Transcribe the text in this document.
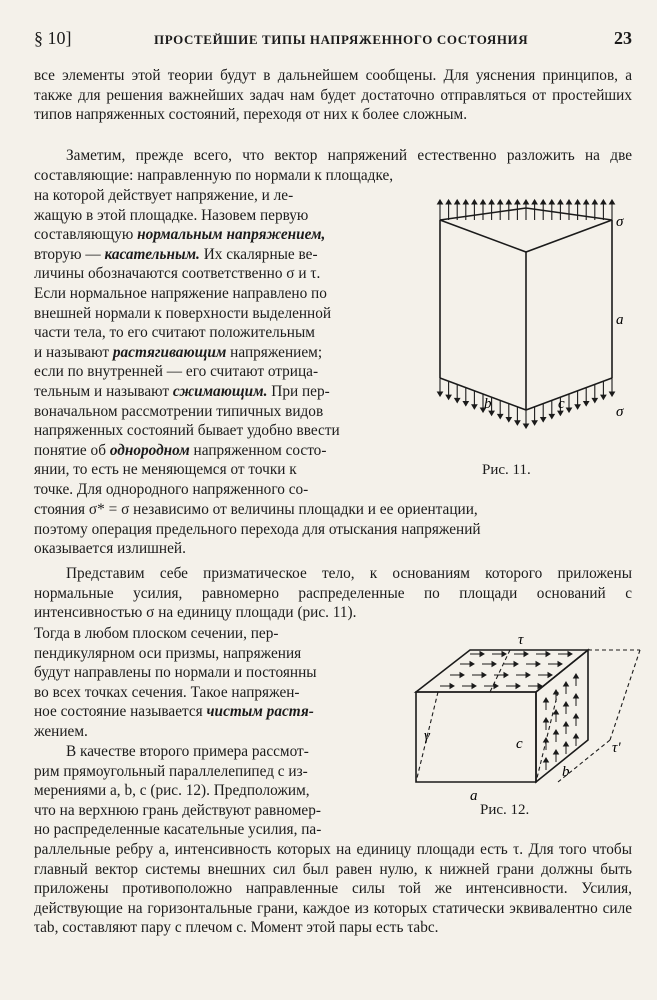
§ 10]	ПРОСТЕЙШИЕ ТИПЫ НАПРЯЖЕННОГО СОСТОЯНИЯ	23

все элементы этой теории будут в дальнейшем сообщены. Для уяснения принципов, а также для решения важнейших задач нам будет достаточно отправляться от простейших типов напряженных состояний, переходя от них к более сложным.

Заметим, прежде всего, что вектор напряжений естественно разложить на две составляющие: направленную по нормали к площадке,

на которой действует напряжение, и ле-

жащую в этой площадке. Назовем первую

составляющую нормальным напряжением,

вторую — касательным. Их скалярные ве-

личины обозначаются соответственно σ и τ.

Если нормальное напряжение направлено по

внешней нормали к поверхности выделенной

части тела, то его считают положительным

и называют растягивающим напряжением;

если по внутренней — его считают отрица-

тельным и называют сжимающим. При пер-

воначальном рассмотрении типичных видов

напряженных состояний бывает удобно ввести

понятие об однородном напряженном состо-

янии, то есть не меняющемся от точки к

точке. Для однородного напряженного со-

стояния σ* = σ независимо от величины площадки и ее ориентации,

поэтому операция предельного перехода для отыскания напряжений

оказывается излишней.

σ
a
b	c	σ
Рис. 11.

Представим себе призматическое тело, к основаниям которого приложены нормальные усилия, равномерно распределенные по площади оснований с интенсивностью σ на единицу площади (рис. 11).

Тогда в любом плоском сечении, пер-

пендикулярном оси призмы, напряжения

будут направлены по нормали и постоянны

во всех точках сечения. Такое напряжен-

ное состояние называется чистым растя-

жением.

В качестве второго примера рассмот-

рим прямоугольный параллелепипед с из-

мерениями a, b, c (рис. 12). Предположим,

что на верхнюю грань действуют равномер-

но распределенные касательные усилия, па-

раллельные ребру a, интенсивность которых на единицу площади есть τ. Для того чтобы главный вектор системы внешних сил был равен нулю, к нижней грани должны быть приложены противоположно направленные силы той же интенсивности. Усилия, действующие на горизонтальные грани, каждое из которых статически эквивалентно силе τab, составляют пару с плечом c. Момент этой пары есть τabc.

τ
τ'
c
γ
a
b
Рис. 12.
